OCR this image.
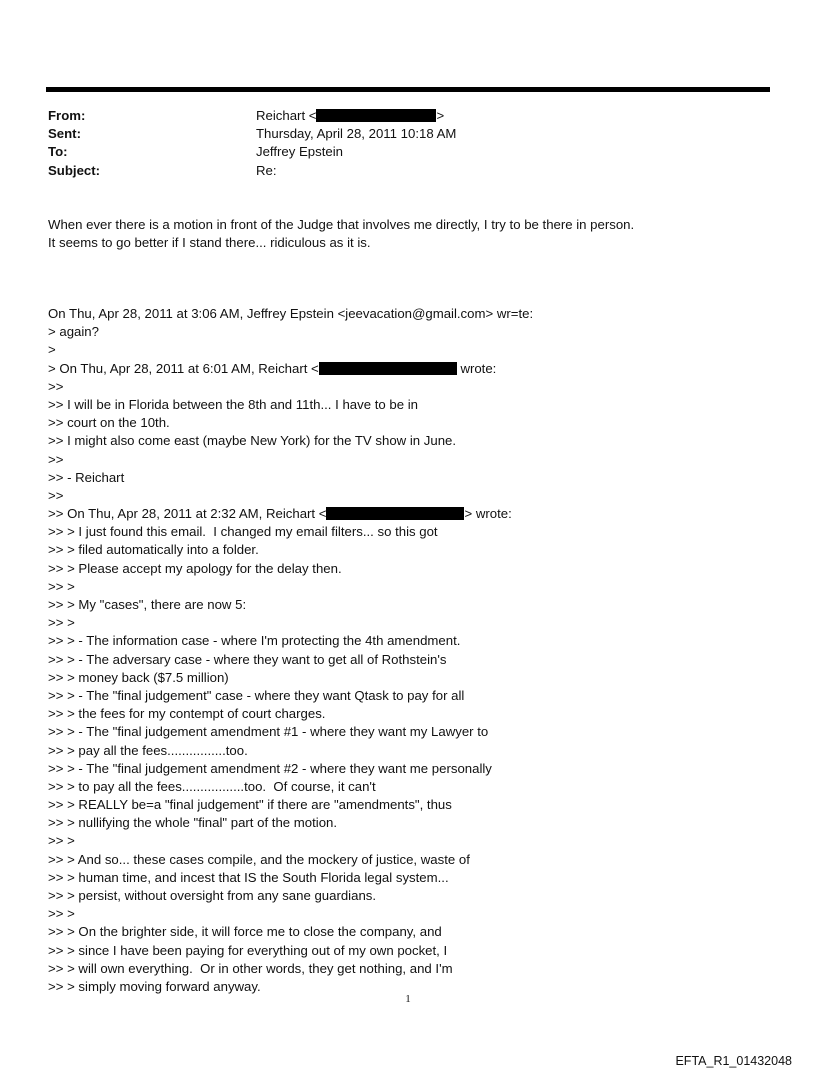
From:	Reichart <	>
Sent:	Thursday, April 28, 2011 10:18 AM
To:	Jeffrey Epstein
Subject:	Re:
When ever there is a motion in front of the Judge that involves me directly, I try to be there in person.
It seems to go better if I stand there... ridiculous as it is.
On Thu, Apr 28, 2011 at 3:06 AM, Jeffrey Epstein <jeevacation@gmail.com> wr=te:
> again?
>
> On Thu, Apr 28, 2011 at 6:01 AM, Reichart <	wrote:
>>
>> I will be in Florida between the 8th and 11th... I have to be in
>> court on the 10th.
>> I might also come east (maybe New York) for the TV show in June.
>>
>> - Reichart
>>
>> On Thu, Apr 28, 2011 at 2:32 AM, Reichart <	> wrote:
>> > I just found this email.  I changed my email filters... so this got
>> > filed automatically into a folder.
>> > Please accept my apology for the delay then.
>> >
>> > My "cases", there are now 5:
>> >
>> > - The information case - where I'm protecting the 4th amendment.
>> > - The adversary case - where they want to get all of Rothstein's
>> > money back ($7.5 million)
>> > - The "final judgement" case - where they want Qtask to pay for all
>> > the fees for my contempt of court charges.
>> > - The "final judgement amendment #1 - where they want my Lawyer to
>> > pay all the fees................too.
>> > - The "final judgement amendment #2 - where they want me personally
>> > to pay all the fees.................too.  Of course, it can't
>> > REALLY be=a "final judgement" if there are "amendments", thus
>> > nullifying the whole "final" part of the motion.
>> >
>> > And so... these cases compile, and the mockery of justice, waste of
>> > human time, and incest that IS the South Florida legal system...
>> > persist, without oversight from any sane guardians.
>> >
>> > On the brighter side, it will force me to close the company, and
>> > since I have been paying for everything out of my own pocket, I
>> > will own everything.  Or in other words, they get nothing, and I'm
>> > simply moving forward anyway.
1
EFTA_R1_01432048
